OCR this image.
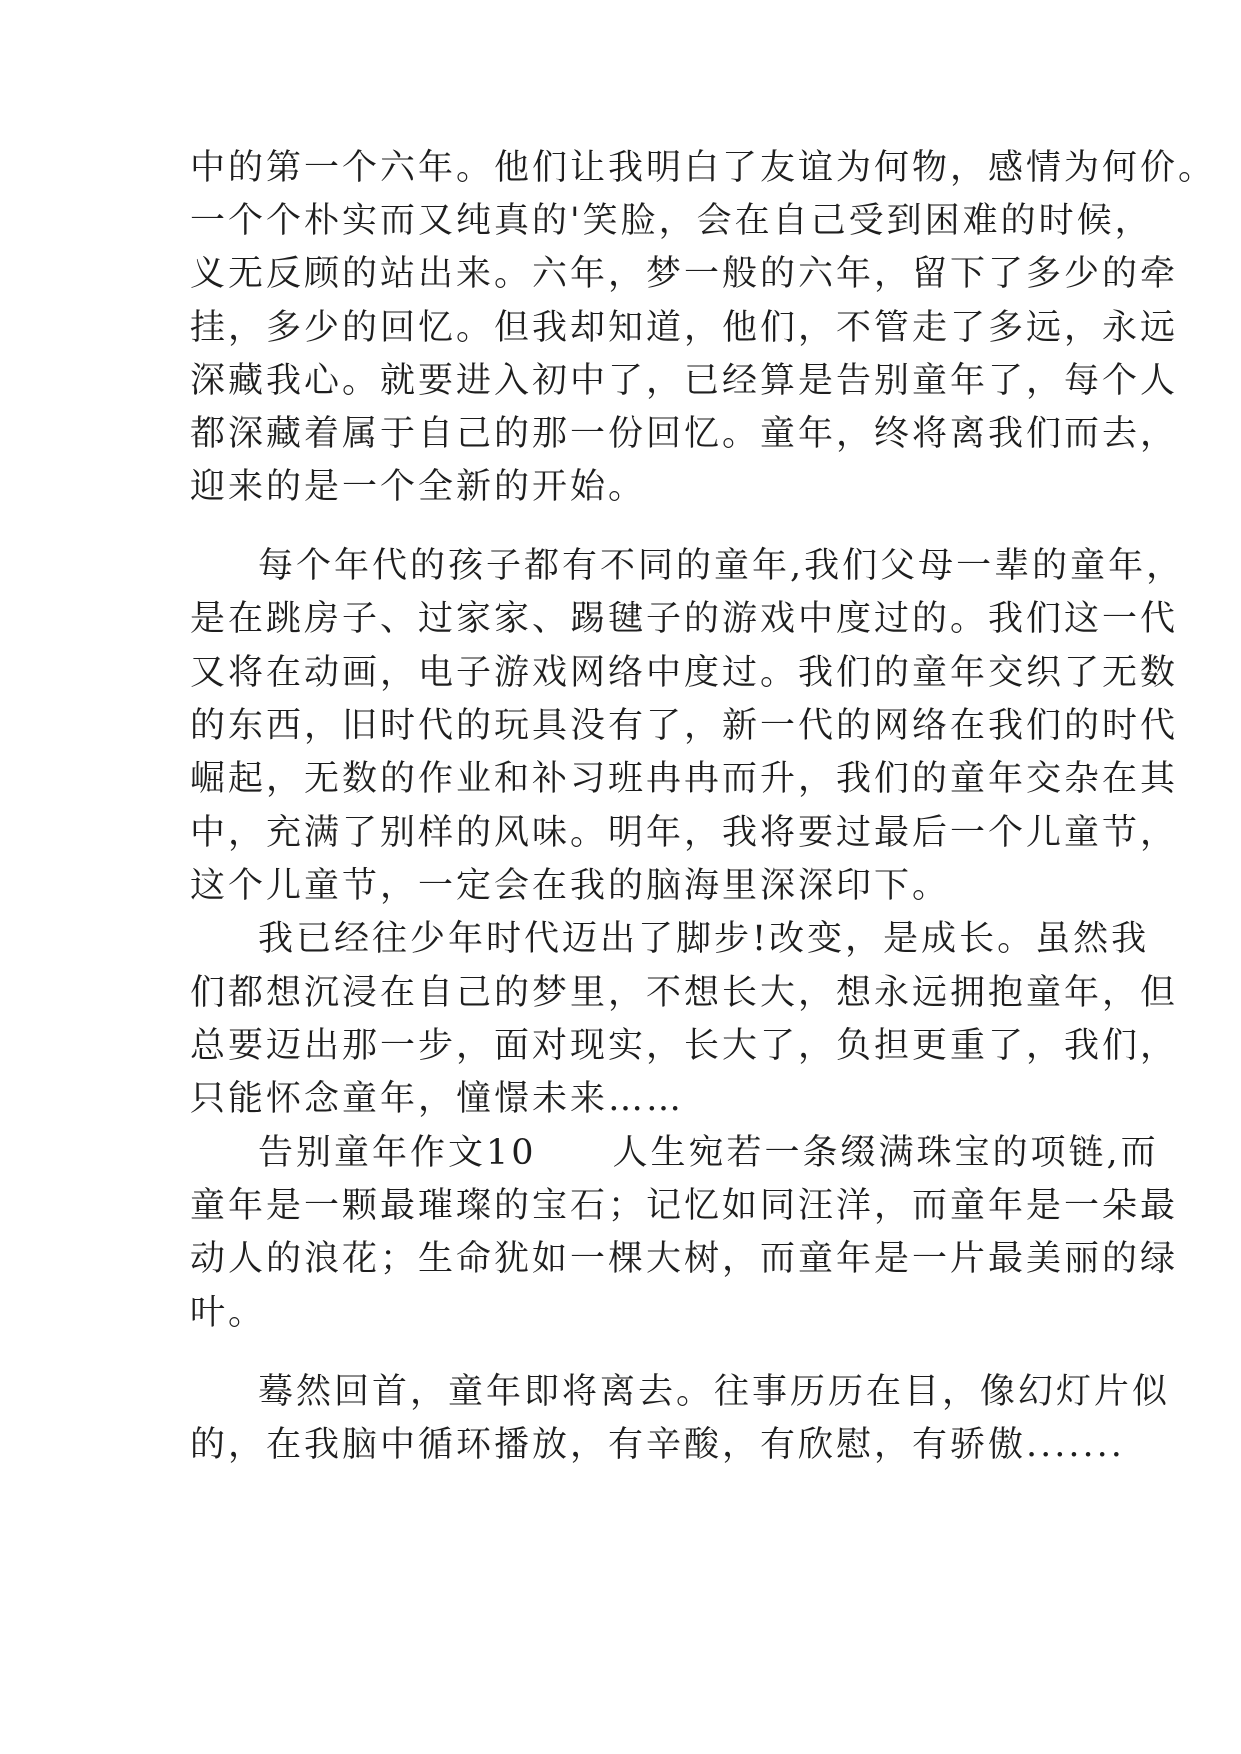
中的第一个六年。他们让我明白了友谊为何物，感情为何价。

一个个朴实而又纯真的'笑脸，会在自己受到困难的时候，

义无反顾的站出来。六年，梦一般的六年，留下了多少的牵

挂，多少的回忆。但我却知道，他们，不管走了多远，永远

深藏我心。就要进入初中了，已经算是告别童年了，每个人

都深藏着属于自己的那一份回忆。童年，终将离我们而去，

迎来的是一个全新的开始。

每个年代的孩子都有不同的童年,我们父母一辈的童年，

是在跳房子、过家家、踢毽子的游戏中度过的。我们这一代

又将在动画，电子游戏网络中度过。我们的童年交织了无数

的东西，旧时代的玩具没有了，新一代的网络在我们的时代

崛起，无数的作业和补习班冉冉而升，我们的童年交杂在其

中，充满了别样的风味。明年，我将要过最后一个儿童节，

这个儿童节，一定会在我的脑海里深深印下。

我已经往少年时代迈出了脚步!改变，是成长。虽然我

们都想沉浸在自己的梦里，不想长大，想永远拥抱童年，但

总要迈出那一步，面对现实，长大了，负担更重了，我们，

只能怀念童年，憧憬未来……

告别童年作文10　　人生宛若一条缀满珠宝的项链,而

童年是一颗最璀璨的宝石；记忆如同汪洋，而童年是一朵最

动人的浪花；生命犹如一棵大树，而童年是一片最美丽的绿

叶。

蓦然回首，童年即将离去。往事历历在目，像幻灯片似

的，在我脑中循环播放，有辛酸，有欣慰，有骄傲.......
